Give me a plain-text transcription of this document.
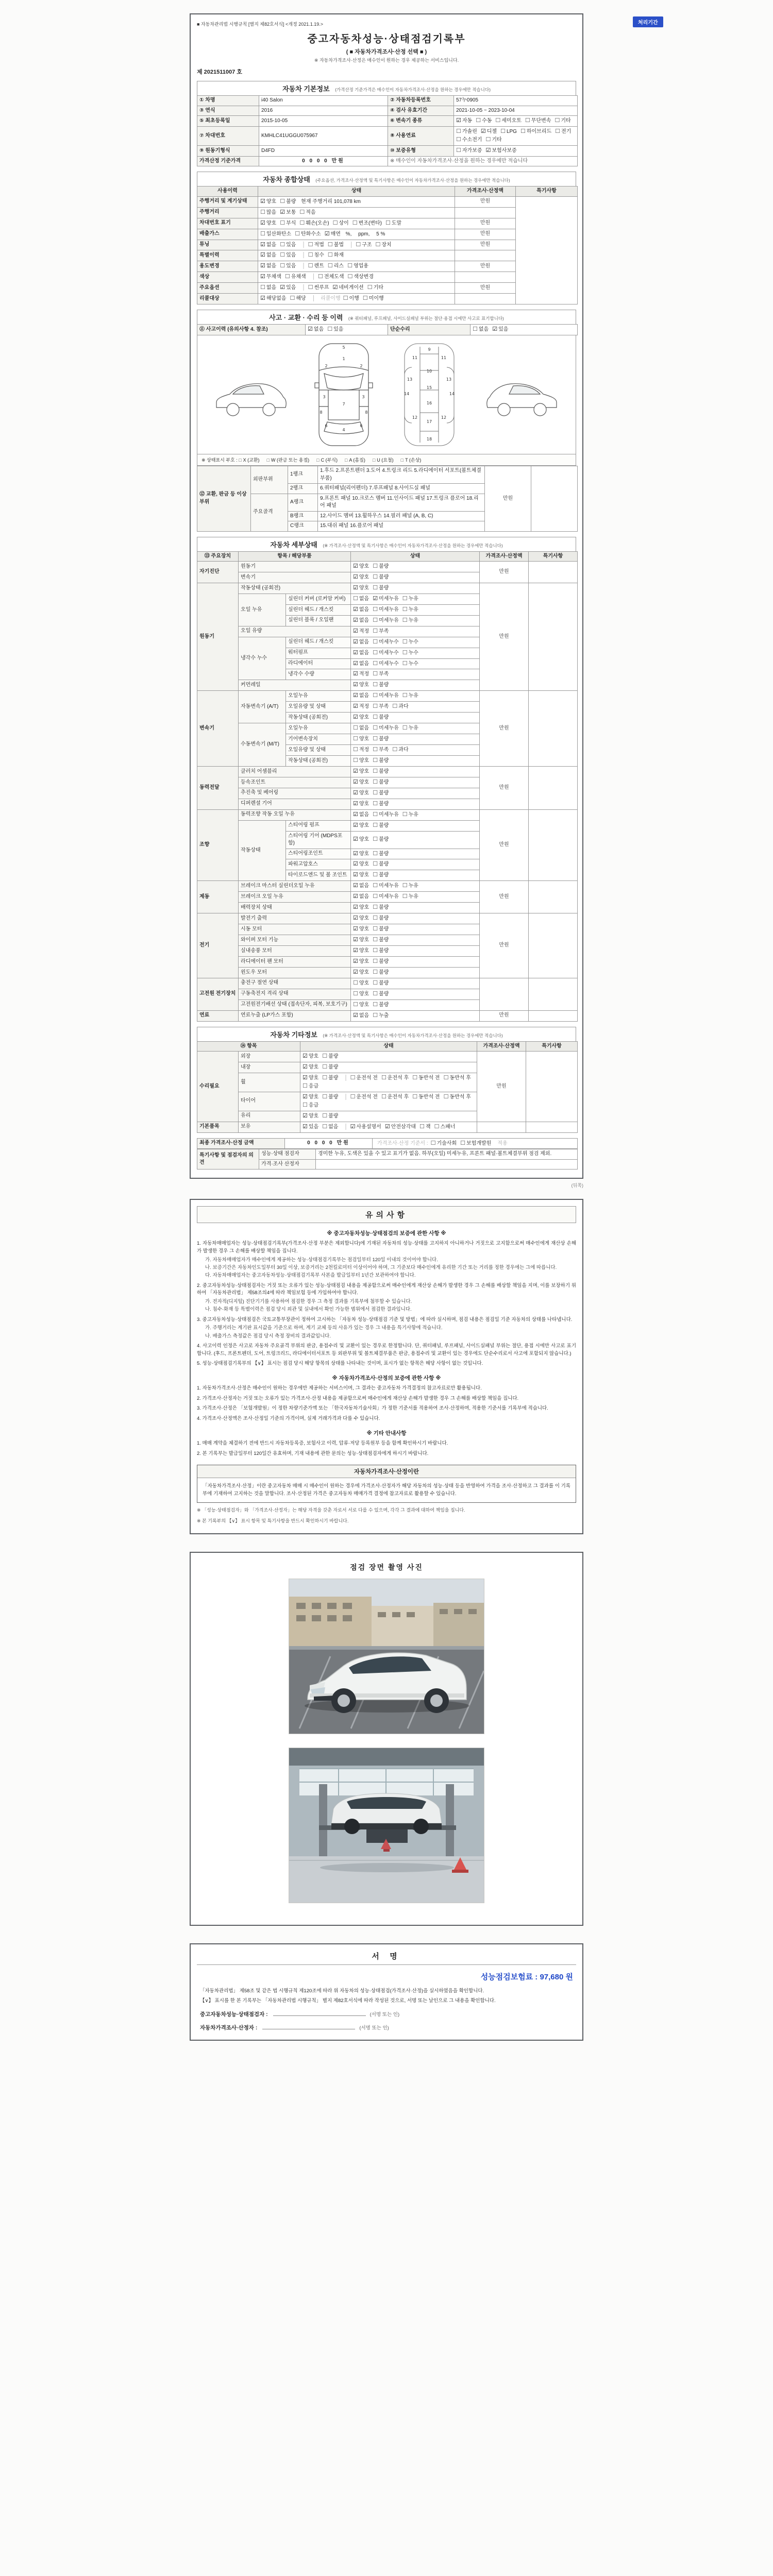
처리기간
■ 자동차관리법 시행규칙 [별지 제82호서식] <개정 2021.1.19.>
중고자동차성능·상태점검기록부
( ■ 자동차가격조사·산정 선택 ■ )
※ 자동차가격조사·산정은 매수인이 원하는 경우 제공하는 서비스입니다.
제 2021511007 호
자동차 기본정보 (가격산정 기준가격은 매수인이 자동차가격조사·산정을 원하는 경우에만 적습니다)
① 차명	i40 Salon	② 자동차등록번호	57누0905
③ 연식	2016	④ 검사 유효기간	2021-10-05 ~ 2023-10-04
⑤ 최초등록일	2015-10-05	⑥ 변속기 종류	☑ 자동 ☐ 수동 ☐ 세미오토 ☐ 무단변속 ☐ 기타
⑦ 차대번호	KMHLC41UGGU075967	⑧ 사용연료	☐ 가솔린 ☑ 디젤 ☐ LPG ☐ 하이브리드 ☐ 전기☐ 수소전기 ☐ 기타
⑨ 원동기형식	D4FD	⑩ 보증유형	☐ 자가보증 ☑ 보험사보증
가격산정 기준가격	0 0 0 0 만원	※ 매수인이 자동차가격조사·산정을 원하는 경우에만 적습니다	
자동차 종합상태 (주요옵션, 가격조사·산정액 및 특기사항은 매수인이 자동차가격조사·산정을 원하는 경우에만 적습니다)
사용이력	상태	가격조사·산정액	특기사항
주행거리 및 계기상태	☑ 양호 ☐ 불량 현재 주행거리 101,078 km	만원	
주행거리	☐ 많음 ☑ 보통 ☐ 적음		
차대번호 표기	☑ 양호 ☐ 부식 ☐ 훼손(오손) ☐ 상이 ☐ 변조(변타) ☐ 도말	만원	
배출가스	☐ 일산화탄소 ☐ 탄화수소 ☑ 매연 %,　 ppm,　 5 %	만원	
튜닝	☑ 없음 ☐ 있음 │ ☐ 적법 ☐ 불법 │ ☐ 구조 ☐ 장치	만원	
특별이력	☑ 없음 ☐ 있음 │ ☐ 침수 ☐ 화재		
용도변경	☑ 없음 ☐ 있음 │ ☐ 렌트 ☐ 리스 ☐ 영업용	만원	
색상	☑ 무채색 ☐ 유채색 │ ☐ 전체도색 ☐ 색상변경		
주요옵션	☐ 없음 ☑ 있음 │ ☐ 썬루프 ☑ 네비게이션 ☐ 기타	만원	
리콜대상	☑ 해당없음 ☐ 해당 │ 리콜이행 ☐ 이행 ☐ 미이행		
사고 · 교환 · 수리 등 이력 (※ 쿼터패널, 루프패널, 사이드실패널 부위는 절단·용접 시에만 사고로 표기합니다)
⑪ 사고이력 (유의사항 4. 참조)	☑ 없음 ☐ 있음	단순수리	☐ 없음 ☑ 있음
5
1
2	2
3	3
7
8	8
6	6
4
9
11	11
10
13	13
15
14	14
16
12	12
17
18
※ 상태표시 부호 : □ X (교환) □ W (판금 또는 용접) □ C (부식) □ A (흠집) □ U (요철) □ T (손상)
⑫ 교환, 판금 등 이상 부위	외판부위	1랭크	1.후드 2.프론트펜더 3.도어 4.트렁크 리드 5.라디에이터 서포트(볼트체결부품)	만원	
		2랭크	6.쿼터패널(리어펜더) 7.루프패널 8.사이드실 패널		
	주요골격	A랭크	9.프론트 패널 10.크로스 멤버 11.인사이드 패널 17.트렁크 플로어 18.리어 패널		
		B랭크	12.사이드 멤버 13.휠하우스 14.필러 패널 (A, B, C)		
		C랭크	15.대쉬 패널 16.플로어 패널		
자동차 세부상태 (※ 가격조사·산정액 및 특기사항은 매수인이 자동차가격조사·산정을 원하는 경우에만 적습니다)
⑬ 주요장치	항목 / 해당부품		상태	가격조사·산정액	특기사항
자기진단	원동기		☑ 양호 ☐ 불량	만원	
	변속기		☑ 양호 ☐ 불량		
원동기	작동상태 (공회전)		☑ 양호 ☐ 불량	만원	
	오일 누유	실린더 커버 (로커암 커버)	☐ 없음 ☑ 미세누유 ☐ 누유		
		실린더 헤드 / 개스킷	☑ 없음 ☐ 미세누유 ☐ 누유		
		실린더 블록 / 오일팬	☑ 없음 ☐ 미세누유 ☐ 누유		
	오일 유량		☑ 적정 ☐ 부족		
	냉각수 누수	실린더 헤드 / 개스킷	☑ 없음 ☐ 미세누수 ☐ 누수		
		워터펌프	☑ 없음 ☐ 미세누수 ☐ 누수		
		라디에이터	☑ 없음 ☐ 미세누수 ☐ 누수		
		냉각수 수량	☑ 적정 ☐ 부족		
	커먼레일		☑ 양호 ☐ 불량		
변속기	자동변속기 (A/T)	오일누유	☑ 없음 ☐ 미세누유 ☐ 누유	만원	
		오일유량 및 상태	☑ 적정 ☐ 부족 ☐ 과다		
		작동상태 (공회전)	☑ 양호 ☐ 불량		
	수동변속기 (M/T)	오일누유	☐ 없음 ☐ 미세누유 ☐ 누유		
		기어변속장치	☐ 양호 ☐ 불량		
		오일유량 및 상태	☐ 적정 ☐ 부족 ☐ 과다		
		작동상태 (공회전)	☐ 양호 ☐ 불량		
동력전달	클러치 어셈블리		☑ 양호 ☐ 불량	만원	
	등속조인트		☑ 양호 ☐ 불량		
	추진축 및 베어링		☑ 양호 ☐ 불량		
	디퍼렌셜 기어		☑ 양호 ☐ 불량		
조향	동력조향 작동 오일 누유		☑ 없음 ☐ 미세누유 ☐ 누유	만원	
	작동상태	스티어링 펌프	☑ 양호 ☐ 불량		
		스티어링 기어 (MDPS포함)	☑ 양호 ☐ 불량		
		스티어링조인트	☑ 양호 ☐ 불량		
		파워고압호스	☑ 양호 ☐ 불량		
		타이로드엔드 및 볼 조인트	☑ 양호 ☐ 불량		
제동	브레이크 마스터 실린더오일 누유		☑ 없음 ☐ 미세누유 ☐ 누유	만원	
	브레이크 오일 누유		☑ 없음 ☐ 미세누유 ☐ 누유		
	배력장치 상태		☑ 양호 ☐ 불량		
전기	발전기 출력		☑ 양호 ☐ 불량	만원	
	시동 모터		☑ 양호 ☐ 불량		
	와이퍼 모터 기능		☑ 양호 ☐ 불량		
	실내송풍 모터		☑ 양호 ☐ 불량		
	라디에이터 팬 모터		☑ 양호 ☐ 불량		
	윈도우 모터		☑ 양호 ☐ 불량		
고전원 전기장치	충전구 절연 상태		☐ 양호 ☐ 불량		
	구동축전지 격리 상태		☐ 양호 ☐ 불량		
	고전원전기배선 상태 (접속단자, 피복, 보호기구)		☐ 양호 ☐ 불량		
연료	연료누출 (LP가스 포함)		☑ 없음 ☐ 누출	만원	
자동차 기타정보 (※ 가격조사·산정액 및 특기사항은 매수인이 자동차가격조사·산정을 원하는 경우에만 적습니다)
⑭ 항목		상태	가격조사·산정액	특기사항
수리필요	외장	☑ 양호 ☐ 불량	만원	
	내장	☑ 양호 ☐ 불량		
	휠	☑ 양호 ☐ 불량 │ ☐ 운전석 전 ☐ 운전석 후 ☐ 동반석 전 ☐ 동반석 후☐ 응급		
	타이어	☑ 양호 ☐ 불량 │ ☐ 운전석 전 ☐ 운전석 후 ☐ 동반석 전 ☐ 동반석 후☐ 응급		
	유리	☑ 양호 ☐ 불량		
기본품목	보유	☑ 있음 ☐ 없음 │ ☑ 사용설명서 ☑ 안전삼각대 ☐ 잭 ☐ 스패너		
최종 가격조사·산정 금액	0 0 0 0 만원	가격조사·산정 기준서 : ☐ 기술사회 ☐ 보험개발원 적용
특기사항 및 점검자의 의견	성능·상태 점검자	경미한 누유, 도색은 있을 수 있고 표기가 없음. 하부(오일) 미세누유, 프론트 패널·볼트체결부위 점검 제외.
	가격·조사 산정자	
(뒤쪽)
유의사항
※ 중고자동차성능·상태점검의 보증에 관한 사항 ※
1. 자동차매매업자는 성능·상태점검기록부(가격조사·산정 부분은 제외합니다)에 기재된 자동차의 성능·상태를 고지하지 아니하거나 거짓으로 고지함으로써 매수인에게 재산상 손해가 발생한 경우 그 손해를 배상할 책임을 집니다.
가. 자동차매매업자가 매수인에게 제공하는 성능·상태점검기록부는 점검일부터 120일 이내의 것이어야 합니다.
나. 보증기간은 자동차인도일부터 30일 이상, 보증거리는 2천킬로미터 이상이어야 하며, 그 기준보다 매수인에게 유리한 기간 또는 거리를 정한 경우에는 그에 따릅니다.
다. 자동차매매업자는 중고자동차성능·상태점검기록부 사본을 발급일부터 1년간 보관하여야 합니다.
2. 중고자동차성능·상태점검자는 거짓 또는 오류가 있는 성능·상태점검 내용을 제공함으로써 매수인에게 재산상 손해가 발생한 경우 그 손해를 배상할 책임을 지며, 이를 보장하기 위하여 「자동차관리법」 제58조의4에 따라 책임보험 등에 가입하여야 합니다.
가. 전자적(디지털) 진단기기를 사용하여 점검한 경우 그 측정 결과를 기록부에 첨부할 수 있습니다.
나. 침수·화재 등 특별이력은 점검 당시 외관 및 실내에서 확인 가능한 범위에서 점검한 결과입니다.
3. 중고자동차성능·상태점검은 국토교통부장관이 정하여 고시하는 「자동차 성능·상태점검 기준 및 방법」에 따라 실시하며, 점검 내용은 점검일 기준 자동차의 상태를 나타냅니다.
가. 주행거리는 계기판 표시값을 기준으로 하며, 계기 교체 등의 사유가 있는 경우 그 내용을 특기사항에 적습니다.
나. 배출가스 측정값은 점검 당시 측정 장비의 결과값입니다.
4. 사고이력 인정은 사고로 자동차 주요골격 부위의 판금, 용접수리 및 교환이 있는 경우로 한정합니다. 단, 쿼터패널, 루프패널, 사이드실패널 부위는 절단, 용접 시에만 사고로 표기합니다. (후드, 프론트펜더, 도어, 트렁크리드, 라디에이터서포트 등 외판부위 및 볼트체결부품은 판금, 용접수리 및 교환이 있는 경우에도 단순수리로서 사고에 포함되지 않습니다.)
5. 성능·상태점검기록부의 【∨】 표시는 점검 당시 해당 항목의 상태를 나타내는 것이며, 표시가 없는 항목은 해당 사항이 없는 것입니다.
※ 자동차가격조사·산정의 보증에 관한 사항 ※
1. 자동차가격조사·산정은 매수인이 원하는 경우에만 제공하는 서비스이며, 그 결과는 중고자동차 가격결정의 참고자료로만 활용됩니다.
2. 가격조사·산정자는 거짓 또는 오류가 있는 가격조사·산정 내용을 제공함으로써 매수인에게 재산상 손해가 발생한 경우 그 손해를 배상할 책임을 집니다.
3. 가격조사·산정은 「보험개발원」이 정한 차량기준가액 또는 「한국자동차기술사회」가 정한 기준서를 적용하여 조사·산정하며, 적용한 기준서를 기록부에 적습니다.
4. 가격조사·산정액은 조사·산정일 기준의 가격이며, 실제 거래가격과 다를 수 있습니다.
※ 기타 안내사항
1. 매매 계약을 체결하기 전에 반드시 자동차등록증, 보험사고 이력, 압류·저당 등록원부 등을 함께 확인하시기 바랍니다.
2. 본 기록부는 발급일부터 120일간 유효하며, 기재 내용에 관한 문의는 성능·상태점검자에게 하시기 바랍니다.
자동차가격조사·산정이란
「자동차가격조사·산정」이란 중고자동차 매매 시 매수인이 원하는 경우에 가격조사·산정자가 해당 자동차의 성능·상태 등을 반영하여 가격을 조사·산정하고 그 결과를 이 기록부에 기재하여 고지하는 것을 말합니다. 조사·산정된 가격은 중고자동차 매매가격 결정에 참고자료로 활용할 수 있습니다.
※ 「성능·상태점검자」와 「가격조사·산정자」는 해당 자격을 갖춘 자로서 서로 다를 수 있으며, 각각 그 결과에 대하여 책임을 집니다.
※ 본 기록부의 【∨】 표시 항목 및 특기사항을 반드시 확인하시기 바랍니다.
점검 장면 촬영 사진
서 명
성능점검보험료 : 97,680 원
「자동차관리법」 제58조 및 같은 법 시행규칙 제120조에 따라 위 자동차의 성능·상태점검(가격조사·산정)을 실시하였음을 확인합니다.
【∨】 표시를 한 본 기록부는 「자동차관리법 시행규칙」 별지 제82호서식에 따라 작성된 것으로, 서명 또는 날인으로 그 내용을 확인합니다.
중고자동차성능·상태점검자 :	(서명 또는 인)
자동차가격조사·산정자 :	(서명 또는 인)
